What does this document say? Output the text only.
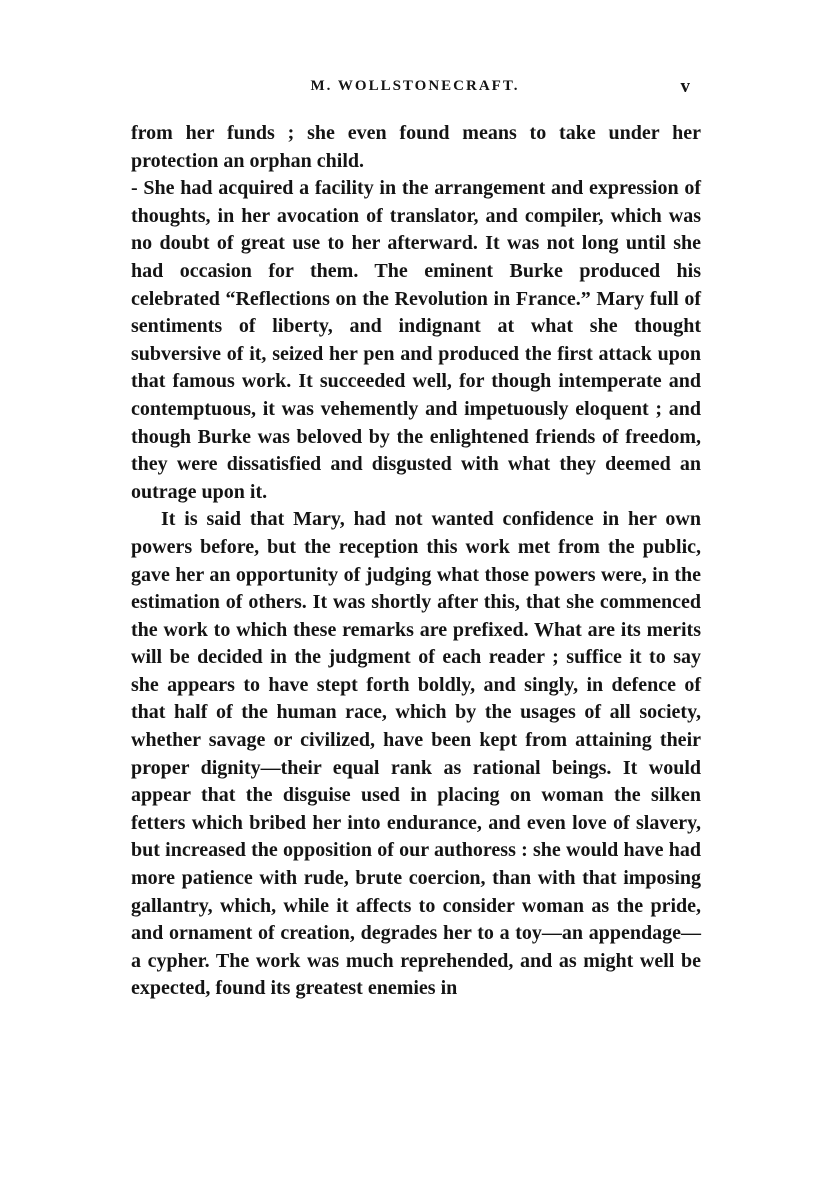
M. WOLLSTONECRAFT.	v

from her funds ; she even found means to take under her protection an orphan child.

- She had acquired a facility in the arrangement and expression of thoughts, in her avocation of translator, and compiler, which was no doubt of great use to her afterward. It was not long until she had occasion for them. The eminent Burke produced his celebrated “Reflections on the Revolution in France.” Mary full of sentiments of liberty, and indignant at what she thought subversive of it, seized her pen and produced the first attack upon that famous work. It succeeded well, for though intemperate and contemptuous, it was vehemently and impetuously eloquent ; and though Burke was beloved by the enlightened friends of freedom, they were dissatisfied and disgusted with what they deemed an outrage upon it.

It is said that Mary, had not wanted confidence in her own powers before, but the reception this work met from the public, gave her an opportunity of judging what those powers were, in the estimation of others. It was shortly after this, that she commenced the work to which these remarks are prefixed. What are its merits will be decided in the judgment of each reader ; suffice it to say she appears to have stept forth boldly, and singly, in defence of that half of the human race, which by the usages of all society, whether savage or civilized, have been kept from attaining their proper dignity—their equal rank as rational beings. It would appear that the disguise used in placing on woman the silken fetters which bribed her into endurance, and even love of slavery, but increased the opposition of our authoress : she would have had more patience with rude, brute coercion, than with that imposing gallantry, which, while it affects to consider woman as the pride, and ornament of creation, degrades her to a toy—an appendage—a cypher. The work was much reprehended, and as might well be expected, found its greatest enemies in
